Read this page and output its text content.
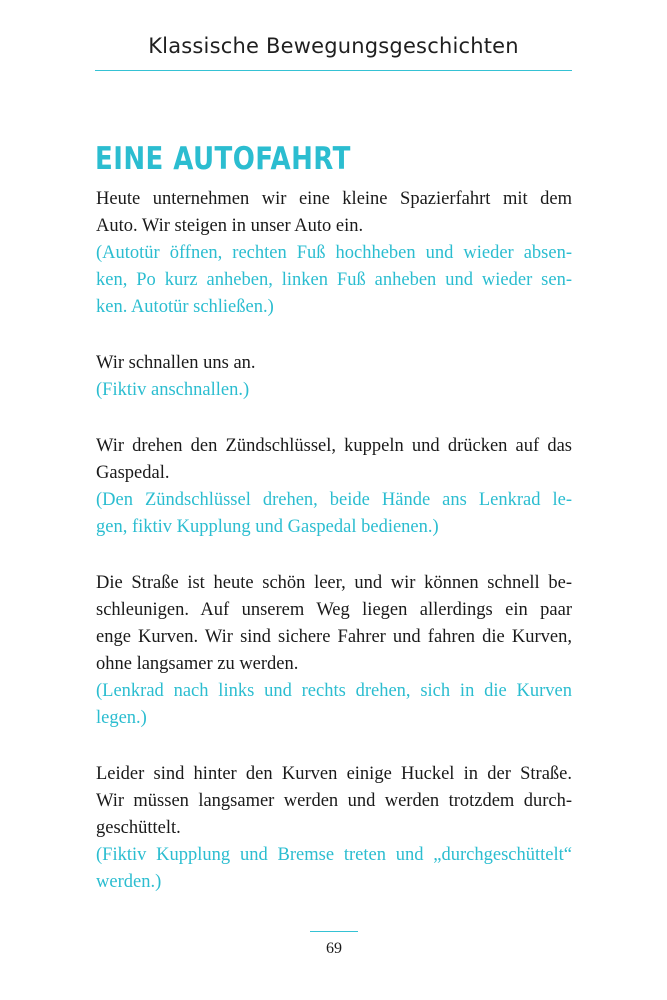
Klassische Bewegungsgeschichten
EINE AUTOFAHRT
Heute unternehmen wir eine kleine Spazierfahrt mit dem
Auto. Wir steigen in unser Auto ein.
(Autotür öffnen, rechten Fuß hochheben und wieder absen-
ken, Po kurz anheben, linken Fuß anheben und wieder sen-
ken. Autotür schließen.)
Wir schnallen uns an.
(Fiktiv anschnallen.)
Wir drehen den Zündschlüssel, kuppeln und drücken auf das
Gaspedal.
(Den Zündschlüssel drehen, beide Hände ans Lenkrad le-
gen, fiktiv Kupplung und Gaspedal bedienen.)
Die Straße ist heute schön leer, und wir können schnell be-
schleunigen. Auf unserem Weg liegen allerdings ein paar
enge Kurven. Wir sind sichere Fahrer und fahren die Kurven,
ohne langsamer zu werden.
(Lenkrad nach links und rechts drehen, sich in die Kurven
legen.)
Leider sind hinter den Kurven einige Huckel in der Straße.
Wir müssen langsamer werden und werden trotzdem durch-
geschüttelt.
(Fiktiv Kupplung und Bremse treten und „durchgeschüttelt“
werden.)
69
